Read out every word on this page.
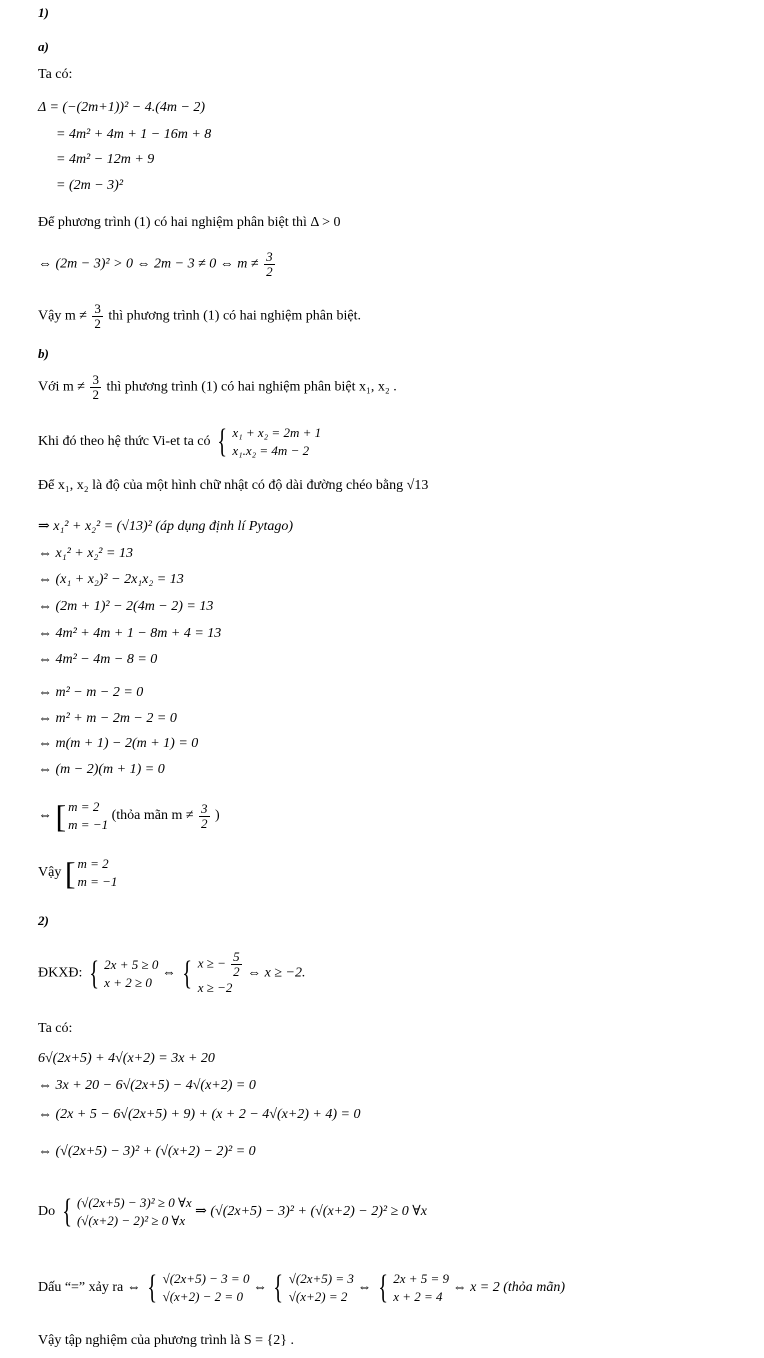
1)
a)
Ta có:
Δ = (−(2m+1))² − 4.(4m − 2)
= 4m² + 4m + 1 − 16m + 8
= 4m² − 12m + 9
= (2m − 3)²
Để phương trình (1) có hai nghiệm phân biệt thì Δ > 0
⇔ (2m − 3)² > 0 ⇔ 2m − 3 ≠ 0 ⇔ $m \ne \frac{3}{2}$
Vậy $m \ne \frac{3}{2}$ thì phương trình (1) có hai nghiệm phân biệt.
b)
Với $m \ne \frac{3}{2}$ thì phương trình (1) có hai nghiệm phân biệt x₁, x₂ .
Khi đó theo hệ thức Vi-et ta có { x₁ + x₂ = 2m + 1
x₁.x₂ = 4m − 2
Để x₁, x₂ là độ của một hình chữ nhật có độ dài đường chéo bằng √13
⇒ x₁² + x₂² = (√13)² (áp dụng định lí Pytago)
⇔ x₁² + x₂² = 13
⇔ (x₁ + x₂)² − 2x₁x₂ = 13
⇔ (2m + 1)² − 2(4m − 2) = 13
⇔ 4m² + 4m + 1 − 8m + 4 = 13
⇔ 4m² − 4m − 8 = 0
⇔ m² − m − 2 = 0
⇔ m² + m − 2m − 2 = 0
⇔ m(m + 1) − 2(m + 1) = 0
⇔ (m − 2)(m + 1) = 0
⇔ [ m = 2
m = −1
(thỏa mãn $m \ne \frac{3}{2}$ )
Vậy [ m = 2
m = −1
2)
ĐKXĐ: { 2x + 5 ≥ 0
x + 2 ≥ 0
⇔ { x ≥ − $\frac{5}{2}$
x ≥ −2
⇔ x ≥ −2.
Ta có:
6√(2x+5) + 4√(x+2) = 3x + 20
⇔ 3x + 20 − 6√(2x+5) − 4√(x+2) = 0
⇔ (2x + 5 − 6√(2x+5) + 9) + (x + 2 − 4√(x+2) + 4) = 0
⇔ (√(2x+5) − 3)² + (√(x+2) − 2)² = 0
Do { (√(2x+5) − 3)² ≥ 0 ∀x
(√(x+2) − 2)² ≥ 0 ∀x
⇒ (√(2x+5) − 3)² + (√(x+2) − 2)² ≥ 0 ∀x
Dấu “=” xảy ra ⇔ { √(2x+5) − 3 = 0
√(x+2) − 2 = 0
⇔ { √(2x+5) = 3
√(x+2) = 2
⇔ { 2x + 5 = 9
x + 2 = 4
⇔ x = 2 (thỏa mãn)
Vậy tập nghiệm của phương trình là S = {2} .
